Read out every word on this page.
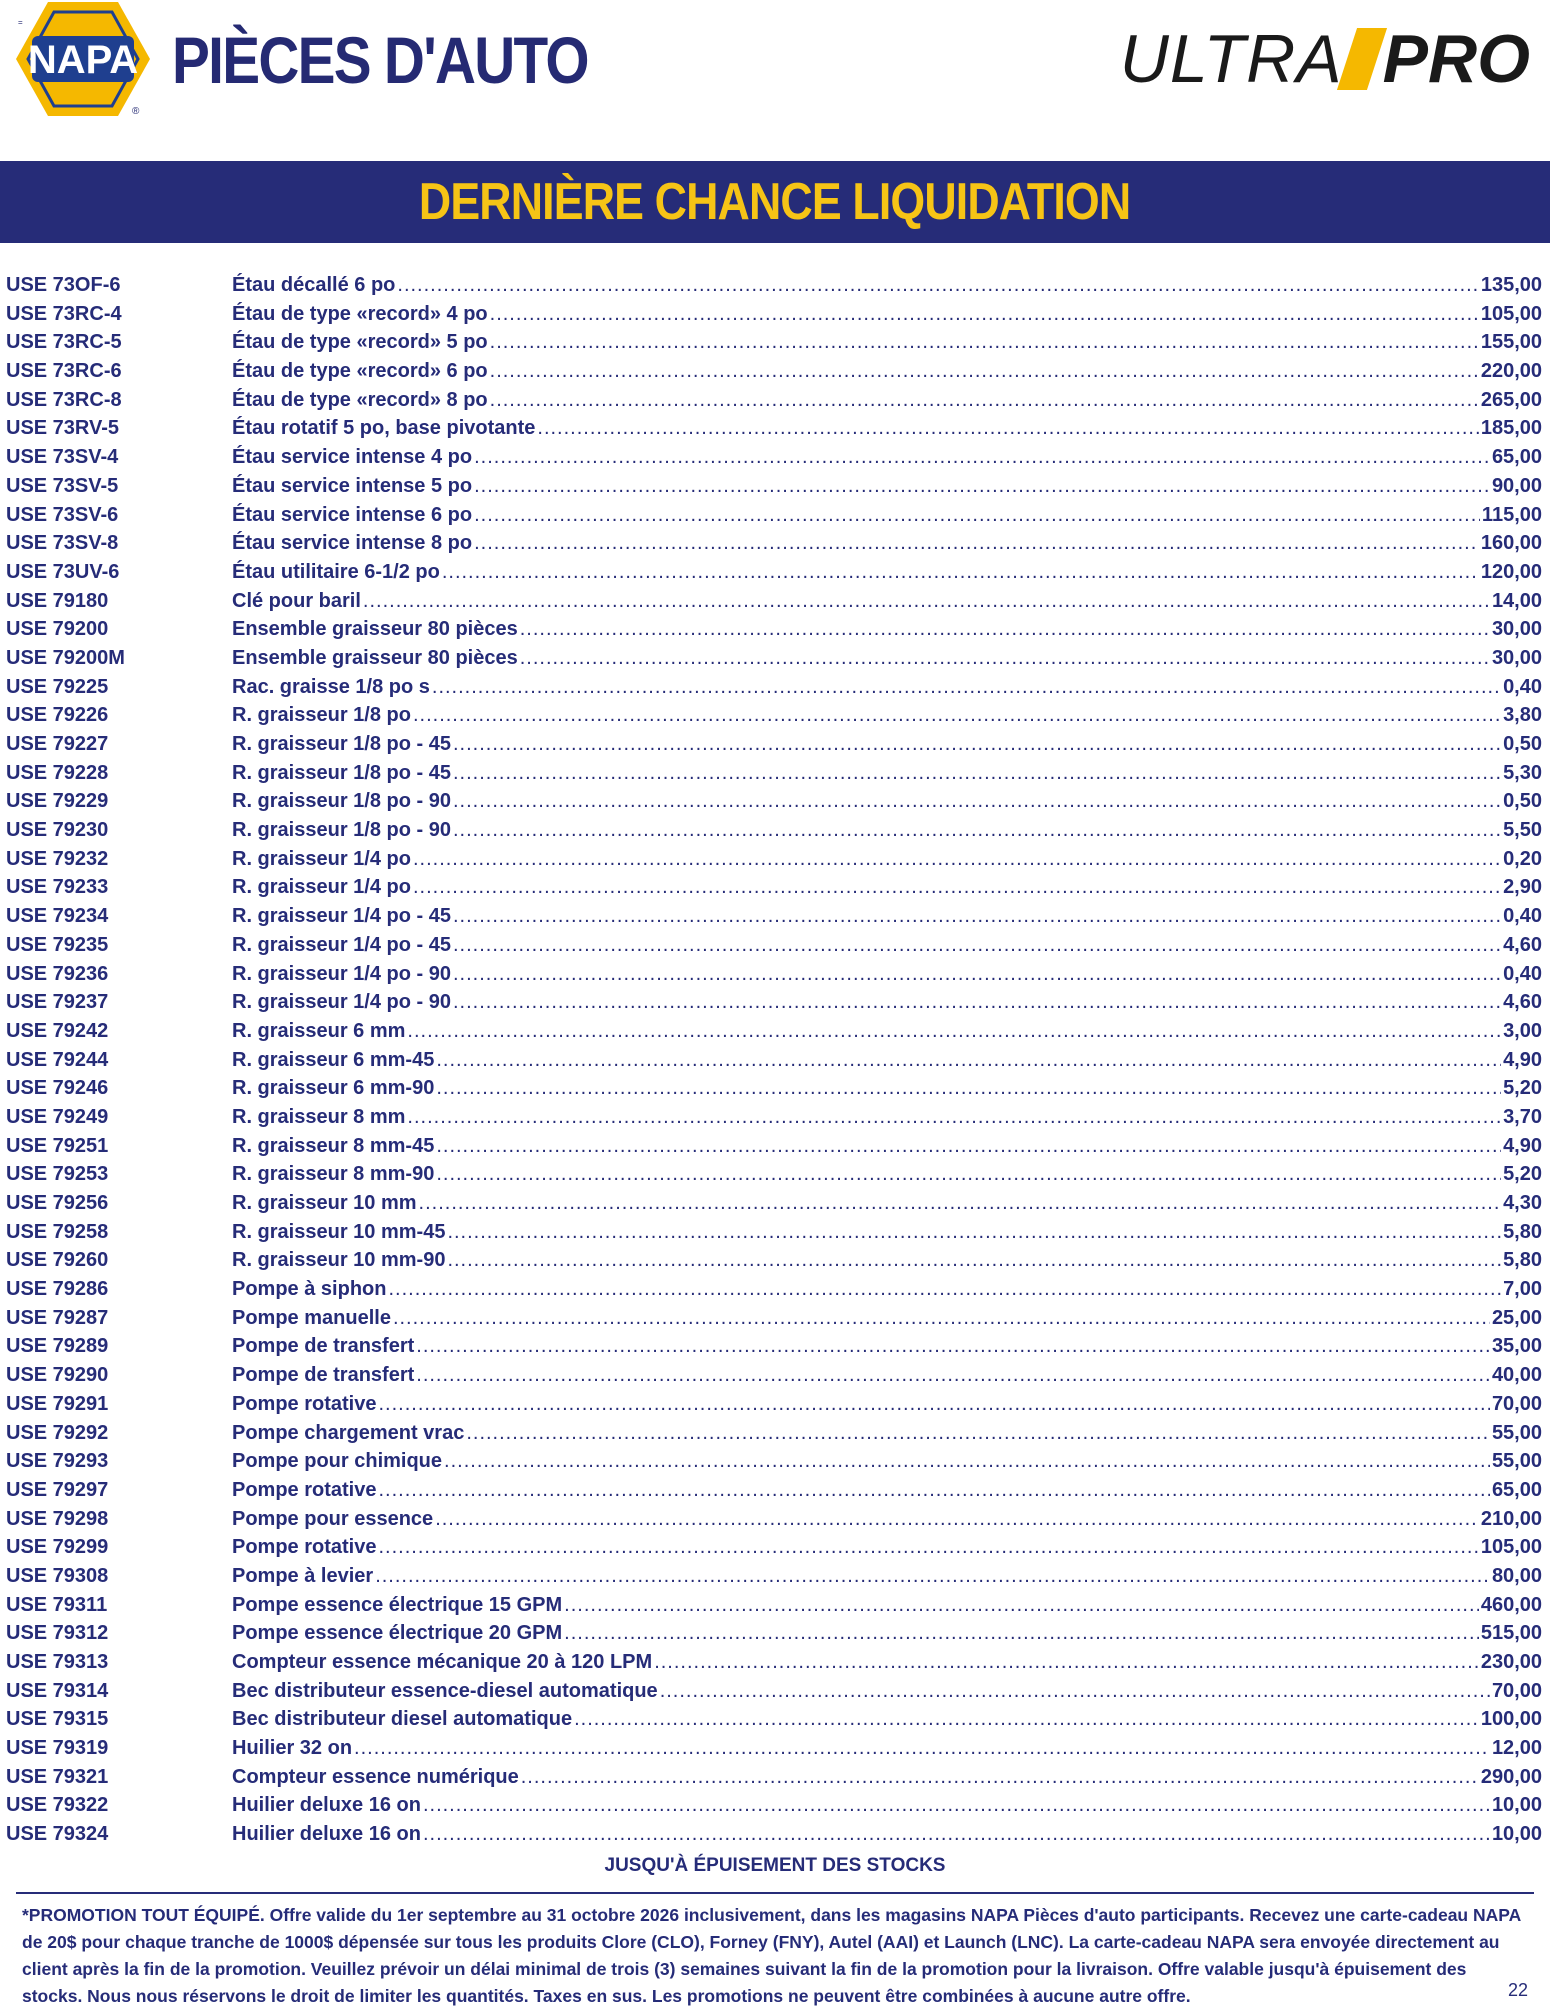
=
NAPA
®
PIÈCES D'AUTO	ULTRA PRO
DERNIÈRE CHANCE LIQUIDATION
USE 73OF-6	Étau décallé 6 po .....	135,00
USE 73RC-4	Étau de type «record» 4 po .....	105,00
USE 73RC-5	Étau de type «record» 5 po .....	155,00
USE 73RC-6	Étau de type «record» 6 po .....	220,00
USE 73RC-8	Étau de type «record» 8 po .....	265,00
USE 73RV-5	Étau rotatif 5 po, base pivotante .....	185,00
USE 73SV-4	Étau service intense 4 po .....	65,00
USE 73SV-5	Étau service intense 5 po .....	90,00
USE 73SV-6	Étau service intense 6 po .....	115,00
USE 73SV-8	Étau service intense 8 po .....	160,00
USE 73UV-6	Étau utilitaire 6-1/2 po .....	120,00
USE 79180	Clé pour baril .....	14,00
USE 79200	Ensemble graisseur 80 pièces .....	30,00
USE 79200M	Ensemble graisseur 80 pièces .....	30,00
USE 79225	Rac. graisse 1/8 po s .....	0,40
USE 79226	R. graisseur 1/8 po .....	3,80
USE 79227	R. graisseur 1/8 po - 45 .....	0,50
USE 79228	R. graisseur 1/8 po - 45 .....	5,30
USE 79229	R. graisseur 1/8 po - 90 .....	0,50
USE 79230	R. graisseur 1/8 po - 90 .....	5,50
USE 79232	R. graisseur 1/4 po .....	0,20
USE 79233	R. graisseur 1/4 po .....	2,90
USE 79234	R. graisseur 1/4 po - 45 .....	0,40
USE 79235	R. graisseur 1/4 po - 45 .....	4,60
USE 79236	R. graisseur 1/4 po - 90 .....	0,40
USE 79237	R. graisseur 1/4 po - 90 .....	4,60
USE 79242	R. graisseur 6 mm .....	3,00
USE 79244	R. graisseur 6 mm-45 .....	4,90
USE 79246	R. graisseur 6 mm-90 .....	5,20
USE 79249	R. graisseur 8 mm .....	3,70
USE 79251	R. graisseur 8 mm-45 .....	4,90
USE 79253	R. graisseur 8 mm-90 .....	5,20
USE 79256	R. graisseur 10 mm .....	4,30
USE 79258	R. graisseur 10 mm-45 .....	5,80
USE 79260	R. graisseur 10 mm-90 .....	5,80
USE 79286	Pompe à siphon .....	7,00
USE 79287	Pompe manuelle .....	25,00
USE 79289	Pompe de transfert .....	35,00
USE 79290	Pompe de transfert .....	40,00
USE 79291	Pompe rotative .....	70,00
USE 79292	Pompe chargement vrac .....	55,00
USE 79293	Pompe pour chimique .....	55,00
USE 79297	Pompe rotative .....	65,00
USE 79298	Pompe pour essence .....	210,00
USE 79299	Pompe rotative .....	105,00
USE 79308	Pompe à levier .....	80,00
USE 79311	Pompe essence électrique 15 GPM .....	460,00
USE 79312	Pompe essence électrique 20 GPM .....	515,00
USE 79313	Compteur essence mécanique 20 à 120 LPM .....	230,00
USE 79314	Bec distributeur essence-diesel automatique .....	70,00
USE 79315	Bec distributeur diesel automatique .....	100,00
USE 79319	Huilier 32 on .....	12,00
USE 79321	Compteur essence numérique .....	290,00
USE 79322	Huilier deluxe 16 on .....	10,00
USE 79324	Huilier deluxe 16 on .....	10,00
JUSQU'À ÉPUISEMENT DES STOCKS
*PROMOTION TOUT ÉQUIPÉ. Offre valide du 1er septembre au 31 octobre 2026 inclusivement, dans les magasins NAPA Pièces d'auto participants. Recevez une carte-cadeau NAPA de 20$ pour chaque tranche de 1000$ dépensée sur tous les produits Clore (CLO), Forney (FNY), Autel (AAI) et Launch (LNC). La carte-cadeau NAPA sera envoyée directement au client après la fin de la promotion. Veuillez prévoir un délai minimal de trois (3) semaines suivant la fin de la promotion pour la livraison. Offre valable jusqu'à épuisement des stocks. Nous nous réservons le droit de limiter les quantités. Taxes en sus. Les promotions ne peuvent être combinées à aucune autre offre.	22
